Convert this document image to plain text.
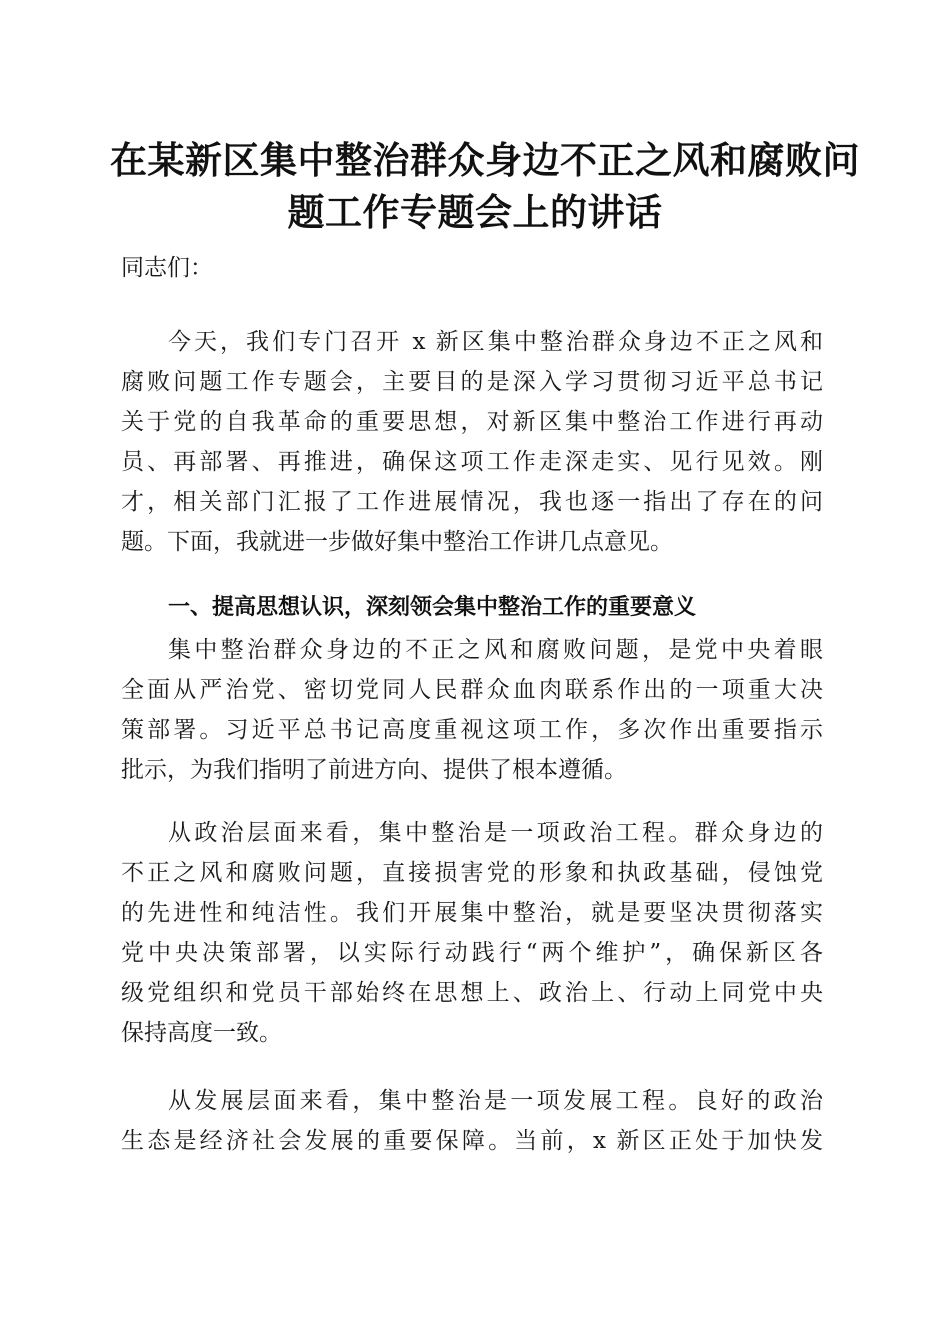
在某新区集中整治群众身边不正之风和腐败问
题工作专题会上的讲话
同志们：
今天，我们专门召开 x 新区集中整治群众身边不正之风和
腐败问题工作专题会，主要目的是深入学习贯彻习近平总书记
关于党的自我革命的重要思想，对新区集中整治工作进行再动
员、再部署、再推进，确保这项工作走深走实、见行见效。刚
才，相关部门汇报了工作进展情况，我也逐一指出了存在的问
题。下面，我就进一步做好集中整治工作讲几点意见。
一、提高思想认识，深刻领会集中整治工作的重要意义
集中整治群众身边的不正之风和腐败问题，是党中央着眼
全面从严治党、密切党同人民群众血肉联系作出的一项重大决
策部署。习近平总书记高度重视这项工作，多次作出重要指示
批示，为我们指明了前进方向、提供了根本遵循。
从政治层面来看，集中整治是一项政治工程。群众身边的
不正之风和腐败问题，直接损害党的形象和执政基础，侵蚀党
的先进性和纯洁性。我们开展集中整治，就是要坚决贯彻落实
党中央决策部署，以实际行动践行“两个维护”，确保新区各
级党组织和党员干部始终在思想上、政治上、行动上同党中央
保持高度一致。
从发展层面来看，集中整治是一项发展工程。良好的政治
生态是经济社会发展的重要保障。当前，x 新区正处于加快发
